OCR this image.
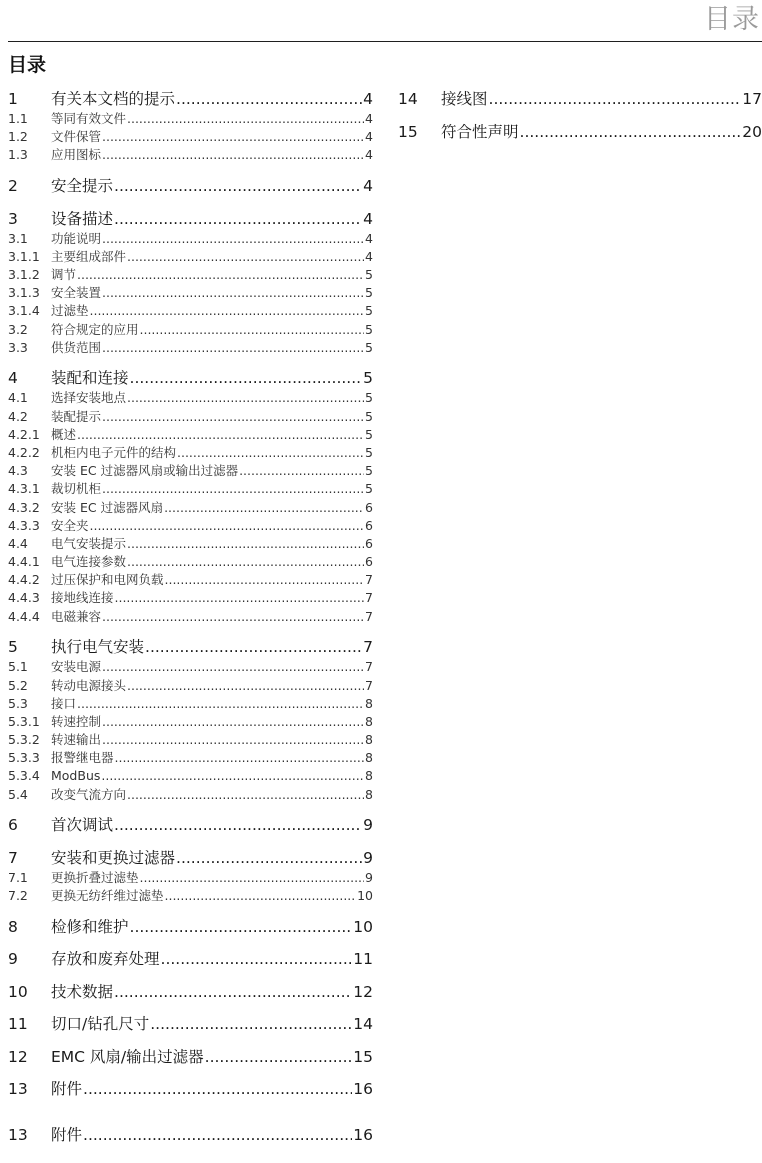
目录
目录
1	有关本文档的提示 .....	4
1.1	等同有效文件 .....	4
1.2	文件保管 .....	4
1.3	应用图标 .....	4
2	安全提示 .....	4
3	设备描述 .....	4
3.1	功能说明 .....	4
3.1.1 主要组成部件 .....	4
3.1.2 调节 .....	5
3.1.3 安全装置 .....	5
3.1.4 过滤垫 .....	5
3.2	符合规定的应用 .....	5
3.3	供货范围 .....	5
4	装配和连接 .....	5
4.1	选择安装地点 .....	5
4.2	装配提示 .....	5
4.2.1 概述 .....	5
4.2.2 机柜内电子元件的结构 .....	5
4.3	安装 EC 过滤器风扇或输出过滤器 .....	5
4.3.1 裁切机柜 .....	5
4.3.2 安装 EC 过滤器风扇 .....	6
4.3.3 安全夹 .....	6
4.4	电气安装提示 .....	6
4.4.1 电气连接参数 .....	6
4.4.2 过压保护和电网负载 .....	7
4.4.3 接地线连接 .....	7
4.4.4 电磁兼容 .....	7
5	执行电气安装 .....	7
5.1	安装电源 .....	7
5.2	转动电源接头 .....	7
5.3	接口 .....	8
5.3.1 转速控制 .....	8
5.3.2 转速输出 .....	8
5.3.3 报警继电器 .....	8
5.3.4 ModBus .....	8
5.4	改变气流方向 .....	8
6	首次调试 .....	9
7	安装和更换过滤器 .....	9
7.1	更换折叠过滤垫 .....	9
7.2	更换无纺纤维过滤垫 .....	10
8	检修和维护 .....	10
9	存放和废弃处理 .....	11
10	技术数据 .....	12
11	切口/钻孔尺寸 .....	14
12	EMC 风扇/输出过滤器 .....	15
13	附件 .....	16
13	附件 .....	16
14	接线图 .....	17
15	符合性声明 .....	20
